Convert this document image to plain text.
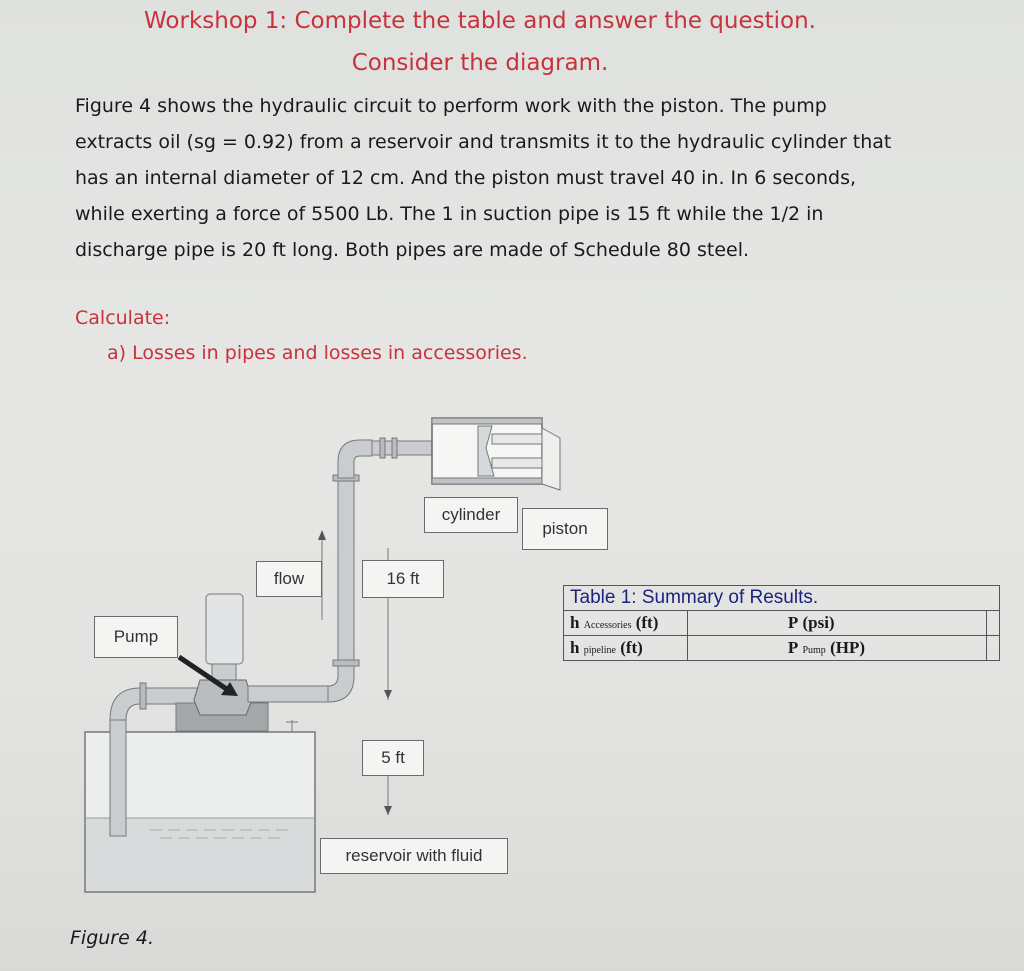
Workshop 1: Complete the table and answer the question.
Consider the diagram.
Figure 4 shows the hydraulic circuit to perform work with the piston. The pump extracts oil (sg = 0.92) from a reservoir and transmits it to the hydraulic cylinder that has an internal diameter of 12 cm. And the piston must travel 40 in. In 6 seconds, while exerting a force of 5500 Lb. The 1 in suction pipe is 15 ft while the 1/2 in discharge pipe is 20 ft long. Both pipes are made of Schedule 80 steel.
Calculate:
a) Losses in pipes and losses in accessories.
cylinder
piston
flow	16 ft
Pump
5 ft
reservoir with fluid
Table 1: Summary of Results.		
h Accessories (ft)	P (psi)	
h pipeline (ft)	P Pump (HP)	
Figure 4.
